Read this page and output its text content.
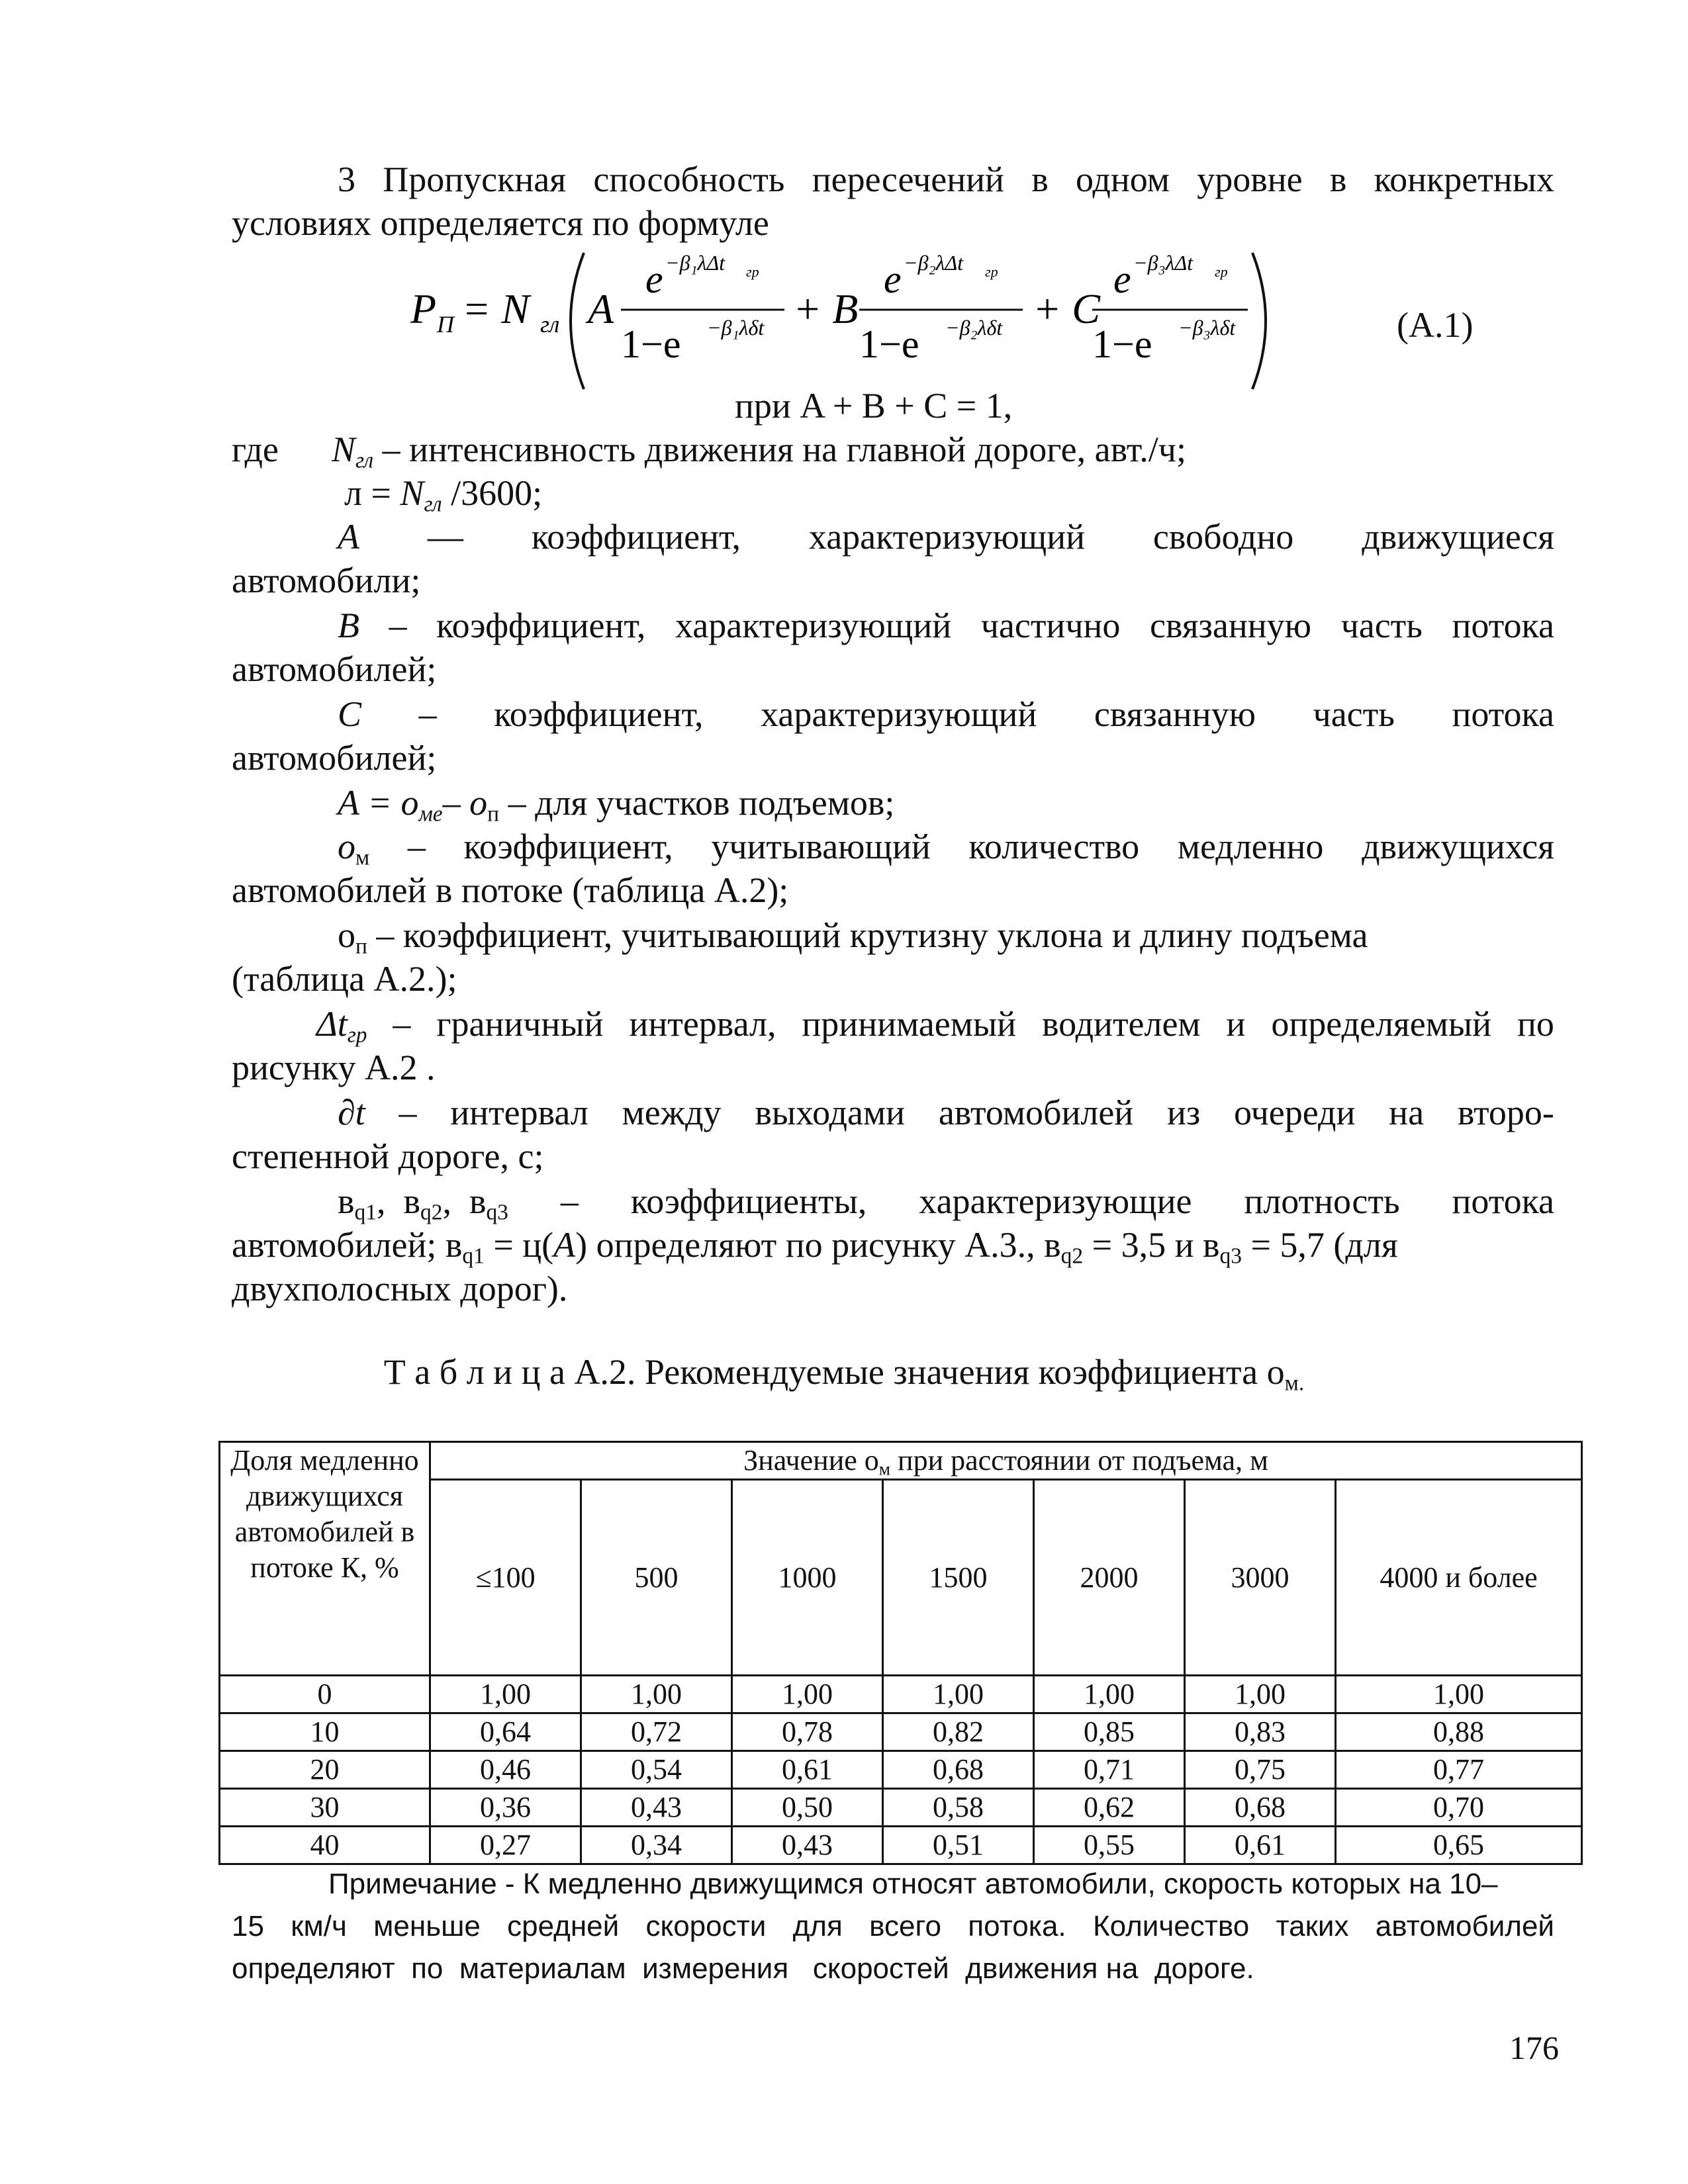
3 Пропускная способность пересечений в одном уровне в конкретных
условиях определяется по формуле
P П = N гл A
e −β₁λΔt гр
1−e −β₁λδt + B
e −β₂λΔt гр
1−e −β₂λδt + C
e −β₃λΔt гр
1−e −β₃λδt	(А.1)
при A + B + C = 1,
где $N_{гл}$ – интенсивность движения на главной дороге, авт./ч;
$л = N_{гл}$ /3600;
A — коэффициент, характеризующий свободно движущиеся
автомобили;
B – коэффициент, характеризующий частично связанную часть потока
автомобилей;
C – коэффициент, характеризующий связанную часть потока
автомобилей;
$A = о_{ме}-$ $о_п$ – для участков подъемов;
$о_м$ – коэффициент, учитывающий количество медленно движущихся
автомобилей в потоке (таблица А.2);
$о_п$ – коэффициент, учитывающий крутизну уклона и длину подъема
(таблица А.2.);
$\Delta t_{гр}$ – граничный интервал, принимаемый водителем и определяемый по
рисунку А.2 .
∂t – интервал между выходами автомобилей из очереди на второ-
степенной дороге, с;
$в_{q1}$,  $в_{q2}$,  $в_{q3}$ – коэффициенты, характеризующие плотность потока
автомобилей; $в_{q1} = ц(A)$ определяют по рисунку А.3., $в_{q2} = 3,5$ и $в_{q3} = 5,7$ (для
двухполосных дорог).
Т а б л и ц а А.2. Рекомендуемые значения коэффициента $о_{м.}$
Доля медленно движущихся автомобилей в потоке К, %	Значение $о_м$ при расстоянии от подъема, м						
	≤100	500	1000	1500	2000	3000	4000 и более
0	1,00	1,00	1,00	1,00	1,00	1,00	1,00
10	0,64	0,72	0,78	0,82	0,85	0,83	0,88
20	0,46	0,54	0,61	0,68	0,71	0,75	0,77
30	0,36	0,43	0,50	0,58	0,62	0,68	0,70
40	0,27	0,34	0,43	0,51	0,55	0,61	0,65
Примечание - К медленно движущимся относят автомобили, скорость которых на 10–
15 км/ч меньше средней скорости для всего потока. Количество таких автомобилей
определяют  по  материалам  измерения   скоростей  движения на  дороге.
176
